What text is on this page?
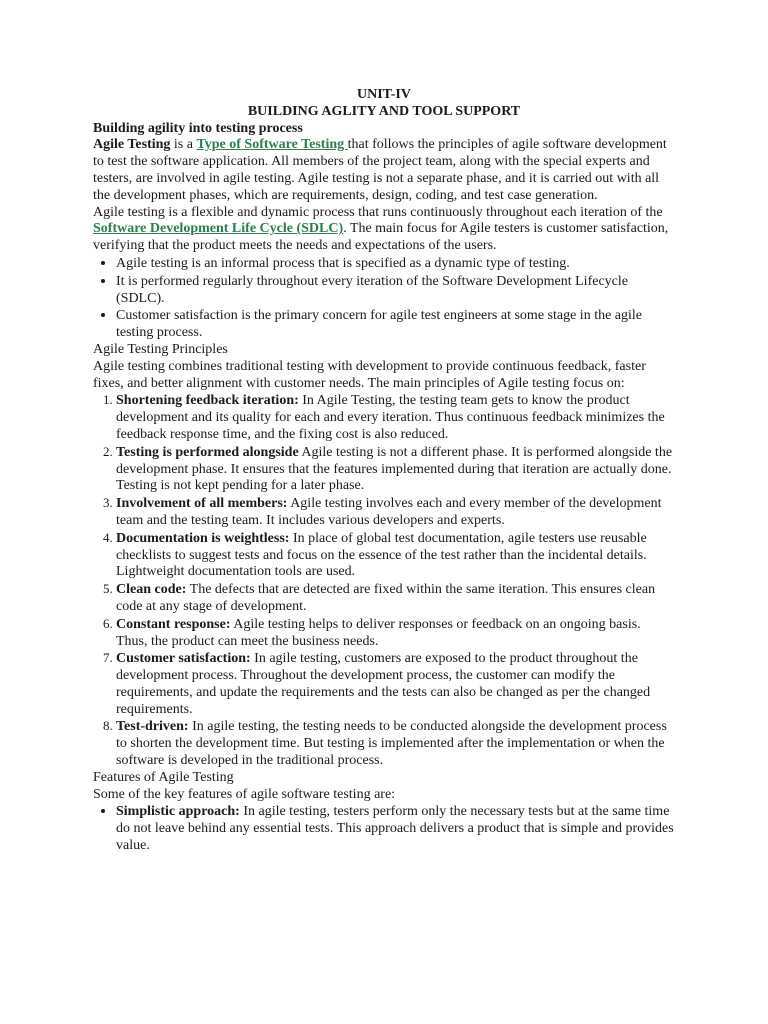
UNIT-IV
BUILDING AGLITY AND TOOL SUPPORT

Building agility into testing process

Agile Testing is a Type of Software Testing that follows the principles of agile software development to test the software application. All members of the project team, along with the special experts and testers, are involved in agile testing. Agile testing is not a separate phase, and it is carried out with all the development phases, which are requirements, design, coding, and test case generation.

Agile testing is a flexible and dynamic process that runs continuously throughout each iteration of the Software Development Life Cycle (SDLC). The main focus for Agile testers is customer satisfaction, verifying that the product meets the needs and expectations of the users.

• Agile testing is an informal process that is specified as a dynamic type of testing.
• It is performed regularly throughout every iteration of the Software Development Lifecycle (SDLC).
• Customer satisfaction is the primary concern for agile test engineers at some stage in the agile testing process.

Agile Testing Principles

Agile testing combines traditional testing with development to provide continuous feedback, faster fixes, and better alignment with customer needs. The main principles of Agile testing focus on:

1. Shortening feedback iteration: In Agile Testing, the testing team gets to know the product development and its quality for each and every iteration. Thus continuous feedback minimizes the feedback response time, and the fixing cost is also reduced.
2. Testing is performed alongside Agile testing is not a different phase. It is performed alongside the development phase. It ensures that the features implemented during that iteration are actually done. Testing is not kept pending for a later phase.
3. Involvement of all members: Agile testing involves each and every member of the development team and the testing team. It includes various developers and experts.
4. Documentation is weightless: In place of global test documentation, agile testers use reusable checklists to suggest tests and focus on the essence of the test rather than the incidental details. Lightweight documentation tools are used.
5. Clean code: The defects that are detected are fixed within the same iteration. This ensures clean code at any stage of development.
6. Constant response: Agile testing helps to deliver responses or feedback on an ongoing basis. Thus, the product can meet the business needs.
7. Customer satisfaction: In agile testing, customers are exposed to the product throughout the development process. Throughout the development process, the customer can modify the requirements, and update the requirements and the tests can also be changed as per the changed requirements.
8. Test-driven: In agile testing, the testing needs to be conducted alongside the development process to shorten the development time. But testing is implemented after the implementation or when the software is developed in the traditional process.

Features of Agile Testing

Some of the key features of agile software testing are:

• Simplistic approach: In agile testing, testers perform only the necessary tests but at the same time do not leave behind any essential tests. This approach delivers a product that is simple and provides value.
